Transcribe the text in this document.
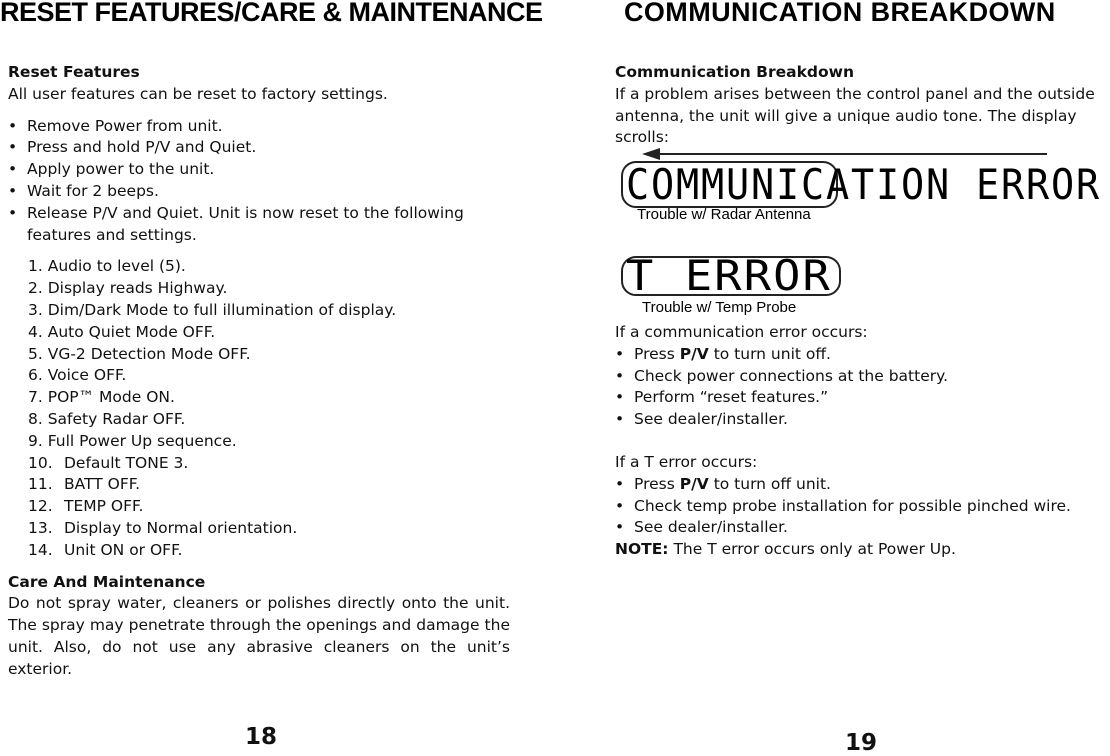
RESET FEATURES/CARE & MAINTENANCE	COMMUNICATION BREAKDOWN
Reset Features
All user features can be reset to factory settings.
• Remove Power from unit.
• Press and hold P/V and Quiet.
• Apply power to the unit.
• Wait for 2 beeps.
• Release P/V and Quiet. Unit is now reset to the following features and settings.
1. Audio to level (5).
2. Display reads Highway.
3. Dim/Dark Mode to full illumination of display.
4. Auto Quiet Mode OFF.
5. VG-2 Detection Mode OFF.
6. Voice OFF.
7. POP™ Mode ON.
8. Safety Radar OFF.
9. Full Power Up sequence.
10. Default TONE 3.
11. BATT OFF.
12. TEMP OFF.
13. Display to Normal orientation.
14. Unit ON or OFF.
Care And Maintenance
Do not spray water, cleaners or polishes directly onto the unit. The spray may penetrate through the openings and damage the unit. Also, do not use any abrasive cleaners on the unit’s exterior.
Communication Breakdown
If a problem arises between the control panel and the outside antenna, the unit will give a unique audio tone. The display scrolls:
COMMUNICATION ERROR
Trouble w/ Radar Antenna
T ERROR
Trouble w/ Temp Probe
If a communication error occurs:
• Press P/V to turn unit off.
• Check power connections at the battery.
• Perform “reset features.”
• See dealer/installer.
If a T error occurs:
• Press P/V to turn off unit.
• Check temp probe installation for possible pinched wire.
• See dealer/installer.
NOTE: The T error occurs only at Power Up.
18	19
